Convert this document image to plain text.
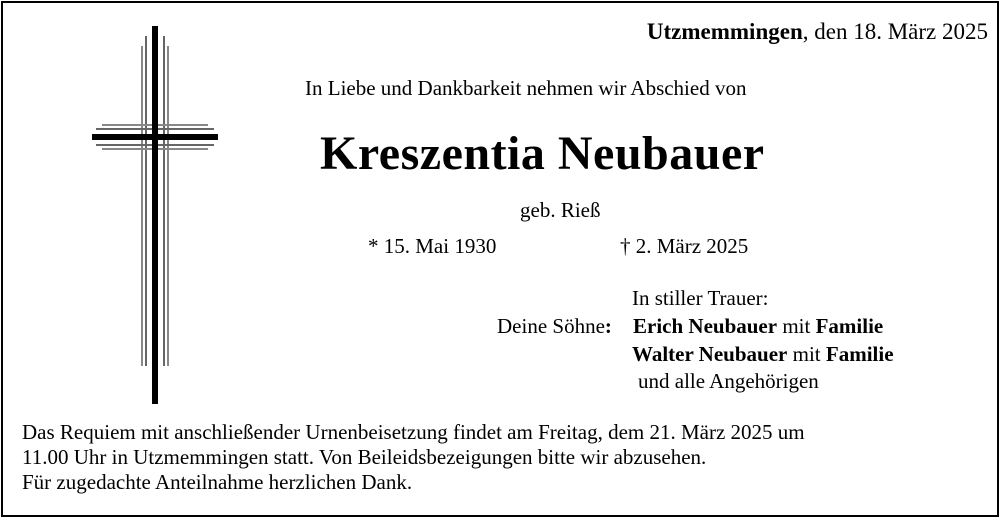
Utzmemmingen, den 18. März 2025
In Liebe und Dankbarkeit nehmen wir Abschied von
Kreszentia Neubauer
geb. Rieß
* 15. Mai 1930	† 2. März 2025
In stiller Trauer:
Deine Söhne: Erich Neubauer mit Familie
Walter Neubauer mit Familie
und alle Angehörigen
Das Requiem mit anschließender Urnenbeisetzung findet am Freitag, dem 21. März 2025 um
11.00 Uhr in Utzmemmingen statt. Von Beileidsbezeigungen bitte wir abzusehen.
Für zugedachte Anteilnahme herzlichen Dank.
